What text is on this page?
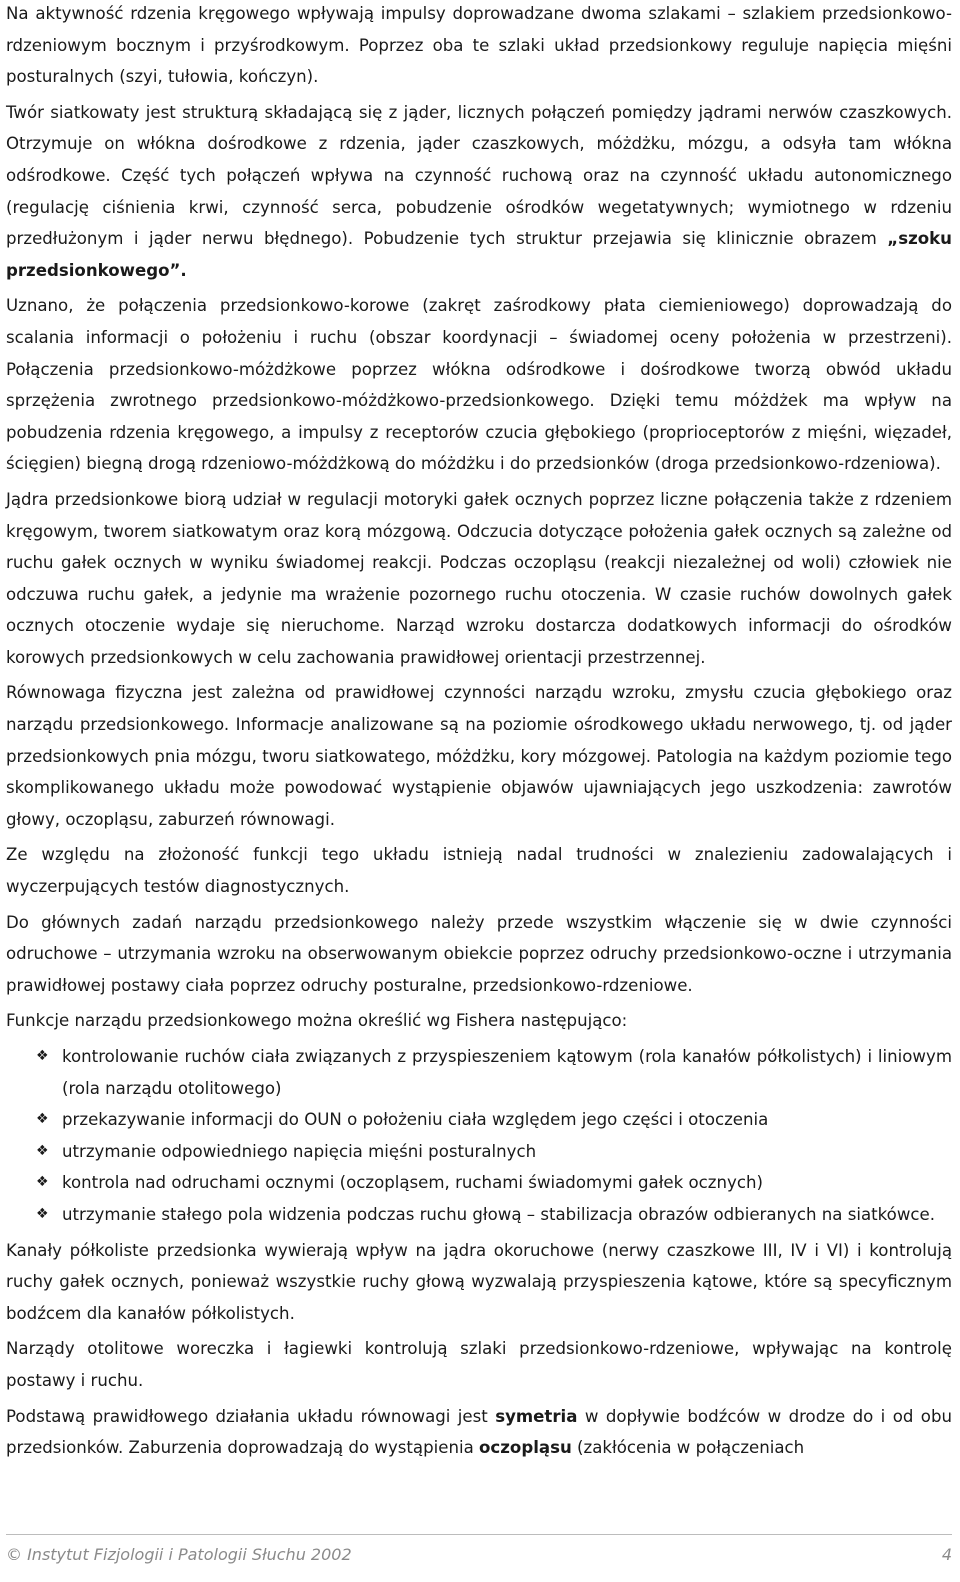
Na aktywność rdzenia kręgowego wpływają impulsy doprowadzane dwoma szlakami – szlakiem przedsionkowo-rdzeniowym bocznym i przyśrodkowym. Poprzez oba te szlaki układ przedsionkowy reguluje napięcia mięśni posturalnych (szyi, tułowia, kończyn).

Twór siatkowaty jest strukturą składającą się z jąder, licznych połączeń pomiędzy jądrami nerwów czaszkowych. Otrzymuje on włókna dośrodkowe z rdzenia, jąder czaszkowych, móżdżku, mózgu, a odsyła tam włókna odśrodkowe. Część tych połączeń wpływa na czynność ruchową oraz na czynność układu autonomicznego (regulację ciśnienia krwi, czynność serca, pobudzenie ośrodków wegetatywnych; wymiotnego w rdzeniu przedłużonym i jąder nerwu błędnego). Pobudzenie tych struktur przejawia się klinicznie obrazem „szoku przedsionkowego”.

Uznano, że połączenia przedsionkowo-korowe (zakręt zaśrodkowy płata ciemieniowego) doprowadzają do scalania informacji o położeniu i ruchu (obszar koordynacji – świadomej oceny położenia w przestrzeni). Połączenia przedsionkowo-móżdżkowe poprzez włókna odśrodkowe i dośrodkowe tworzą obwód układu sprzężenia zwrotnego przedsionkowo-móżdżkowo-przedsionkowego. Dzięki temu móżdżek ma wpływ na pobudzenia rdzenia kręgowego, a impulsy z receptorów czucia głębokiego (proprioceptorów z mięśni, więzadeł, ścięgien) biegną drogą rdzeniowo-móżdżkową do móżdżku i do przedsionków (droga przedsionkowo-rdzeniowa).

Jądra przedsionkowe biorą udział w regulacji motoryki gałek ocznych poprzez liczne połączenia także z rdzeniem kręgowym, tworem siatkowatym oraz korą mózgową. Odczucia dotyczące położenia gałek ocznych są zależne od ruchu gałek ocznych w wyniku świadomej reakcji. Podczas oczopląsu (reakcji niezależnej od woli) człowiek nie odczuwa ruchu gałek, a jedynie ma wrażenie pozornego ruchu otoczenia. W czasie ruchów dowolnych gałek ocznych otoczenie wydaje się nieruchome. Narząd wzroku dostarcza dodatkowych informacji do ośrodków korowych przedsionkowych w celu zachowania prawidłowej orientacji przestrzennej.

Równowaga fizyczna jest zależna od prawidłowej czynności narządu wzroku, zmysłu czucia głębokiego oraz narządu przedsionkowego. Informacje analizowane są na poziomie ośrodkowego układu nerwowego, tj. od jąder przedsionkowych pnia mózgu, tworu siatkowatego, móżdżku, kory mózgowej. Patologia na każdym poziomie tego skomplikowanego układu może powodować wystąpienie objawów ujawniających jego uszkodzenia: zawrotów głowy, oczopląsu, zaburzeń równowagi.

Ze względu na złożoność funkcji tego układu istnieją nadal trudności w znalezieniu zadowalających i wyczerpujących testów diagnostycznych.

Do głównych zadań narządu przedsionkowego należy przede wszystkim włączenie się w dwie czynności odruchowe – utrzymania wzroku na obserwowanym obiekcie poprzez odruchy przedsionkowo-oczne i utrzymania prawidłowej postawy ciała poprzez odruchy posturalne, przedsionkowo-rdzeniowe.

Funkcje narządu przedsionkowego można określić wg Fishera następująco:

❖ kontrolowanie ruchów ciała związanych z przyspieszeniem kątowym (rola kanałów półkolistych) i liniowym (rola narządu otolitowego)
❖ przekazywanie informacji do OUN o położeniu ciała względem jego części i otoczenia
❖ utrzymanie odpowiedniego napięcia mięśni posturalnych
❖ kontrola nad odruchami ocznymi (oczopląsem, ruchami świadomymi gałek ocznych)
❖ utrzymanie stałego pola widzenia podczas ruchu głową – stabilizacja obrazów odbieranych na siatkówce.

Kanały półkoliste przedsionka wywierają wpływ na jądra okoruchowe (nerwy czaszkowe III, IV i VI) i kontrolują ruchy gałek ocznych, ponieważ wszystkie ruchy głową wyzwalają przyspieszenia kątowe, które są specyficznym bodźcem dla kanałów półkolistych.

Narządy otolitowe woreczka i łagiewki kontrolują szlaki przedsionkowo-rdzeniowe, wpływając na kontrolę postawy i ruchu.

Podstawą prawidłowego działania układu równowagi jest symetria w dopływie bodźców w drodze do i od obu przedsionków. Zaburzenia doprowadzają do wystąpienia oczopląsu (zakłócenia w połączeniach

© Instytut Fizjologii i Patologii Słuchu 2002	4
